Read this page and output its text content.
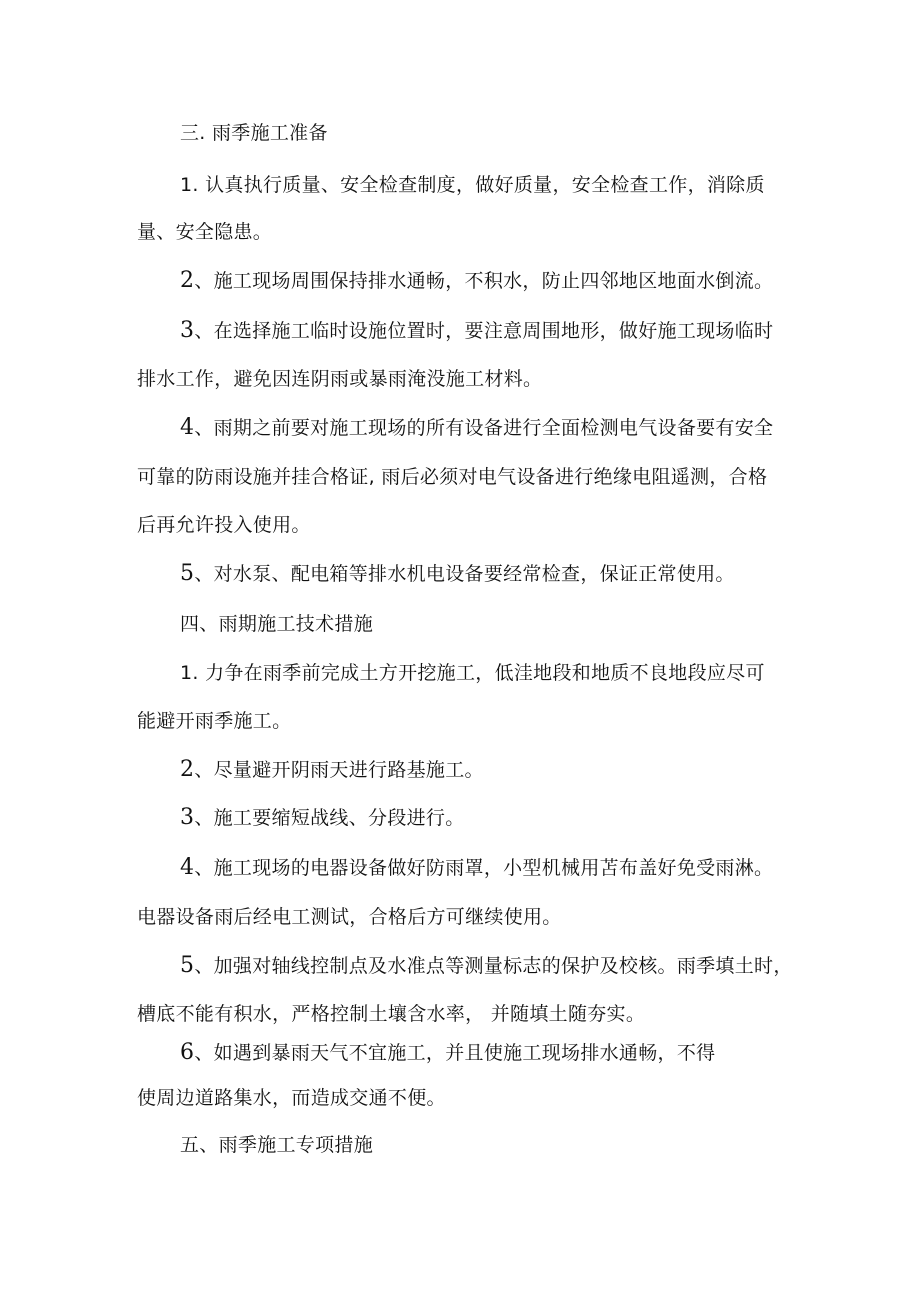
三. 雨季施工准备
1. 认真执行质量、安全检查制度，做好质量，安全检查工作，消除质
量、安全隐患。
2、施工现场周围保持排水通畅，不积水，防止四邻地区地面水倒流。
3、在选择施工临时设施位置时，要注意周围地形，做好施工现场临时
排水工作，避免因连阴雨或暴雨淹没施工材料。
4、雨期之前要对施工现场的所有设备进行全面检测电气设备要有安全
可靠的防雨设施并挂合格证, 雨后必须对电气设备进行绝缘电阻遥测，合格
后再允许投入使用。
5、对水泵、配电箱等排水机电设备要经常检查，保证正常使用。
四、雨期施工技术措施
1. 力争在雨季前完成土方开挖施工，低洼地段和地质不良地段应尽可
能避开雨季施工。
2、尽量避开阴雨天进行路基施工。
3、施工要缩短战线、分段进行。
4、施工现场的电器设备做好防雨罩，小型机械用苫布盖好免受雨淋。
电器设备雨后经电工测试，合格后方可继续使用。
5、加强对轴线控制点及水准点等测量标志的保护及校核。雨季填土时，
槽底不能有积水，严格控制土壤含水率， 并随填土随夯实。
6、如遇到暴雨天气不宜施工，并且使施工现场排水通畅，不得
使周边道路集水，而造成交通不便。
五、雨季施工专项措施
